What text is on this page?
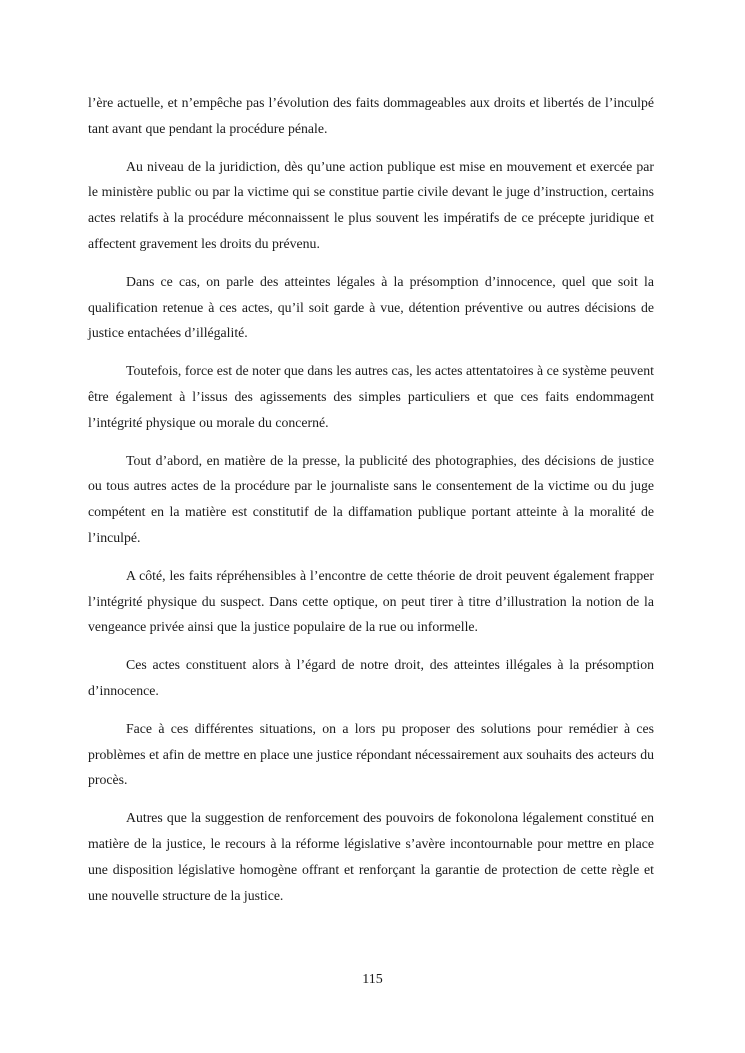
l’ère actuelle, et n’empêche pas l’évolution des faits dommageables aux droits et libertés de l’inculpé tant avant que pendant la procédure pénale.

Au niveau de la juridiction, dès qu’une action publique est mise en mouvement et exercée par le ministère public ou par la victime qui se constitue partie civile devant le juge d’instruction, certains actes relatifs à la procédure méconnaissent le plus souvent les impératifs de ce précepte juridique et affectent gravement les droits du prévenu.

Dans ce cas, on parle des atteintes légales à la présomption d’innocence, quel que soit la qualification retenue à ces actes, qu’il soit garde à vue, détention préventive ou autres décisions de justice entachées d’illégalité.

Toutefois, force est de noter que dans les autres cas, les actes attentatoires à ce système peuvent être également à l’issus des agissements des simples particuliers et que ces faits endommagent l’intégrité physique ou morale du concerné.

Tout d’abord, en matière de la presse, la publicité des photographies, des décisions de justice ou tous autres actes de la procédure par le journaliste sans le consentement de la victime ou du juge compétent en la matière est constitutif de la diffamation publique portant atteinte à la moralité de l’inculpé.

A côté, les faits répréhensibles à l’encontre de cette théorie de droit peuvent également frapper l’intégrité physique du suspect. Dans cette optique, on peut tirer à titre d’illustration la notion de la vengeance privée ainsi que la justice populaire de la rue ou informelle.

Ces actes constituent alors à l’égard de notre droit, des atteintes illégales à la présomption d’innocence.

Face à ces différentes situations, on a lors pu proposer des solutions pour remédier à ces problèmes et afin de mettre en place une justice répondant nécessairement aux souhaits des acteurs du procès.

Autres que la suggestion de renforcement des pouvoirs de fokonolona légalement constitué en matière de la justice, le recours à la réforme législative s’avère incontournable pour mettre en place une disposition législative homogène offrant et renforçant la garantie de protection de cette règle et une nouvelle structure de la justice.

115
